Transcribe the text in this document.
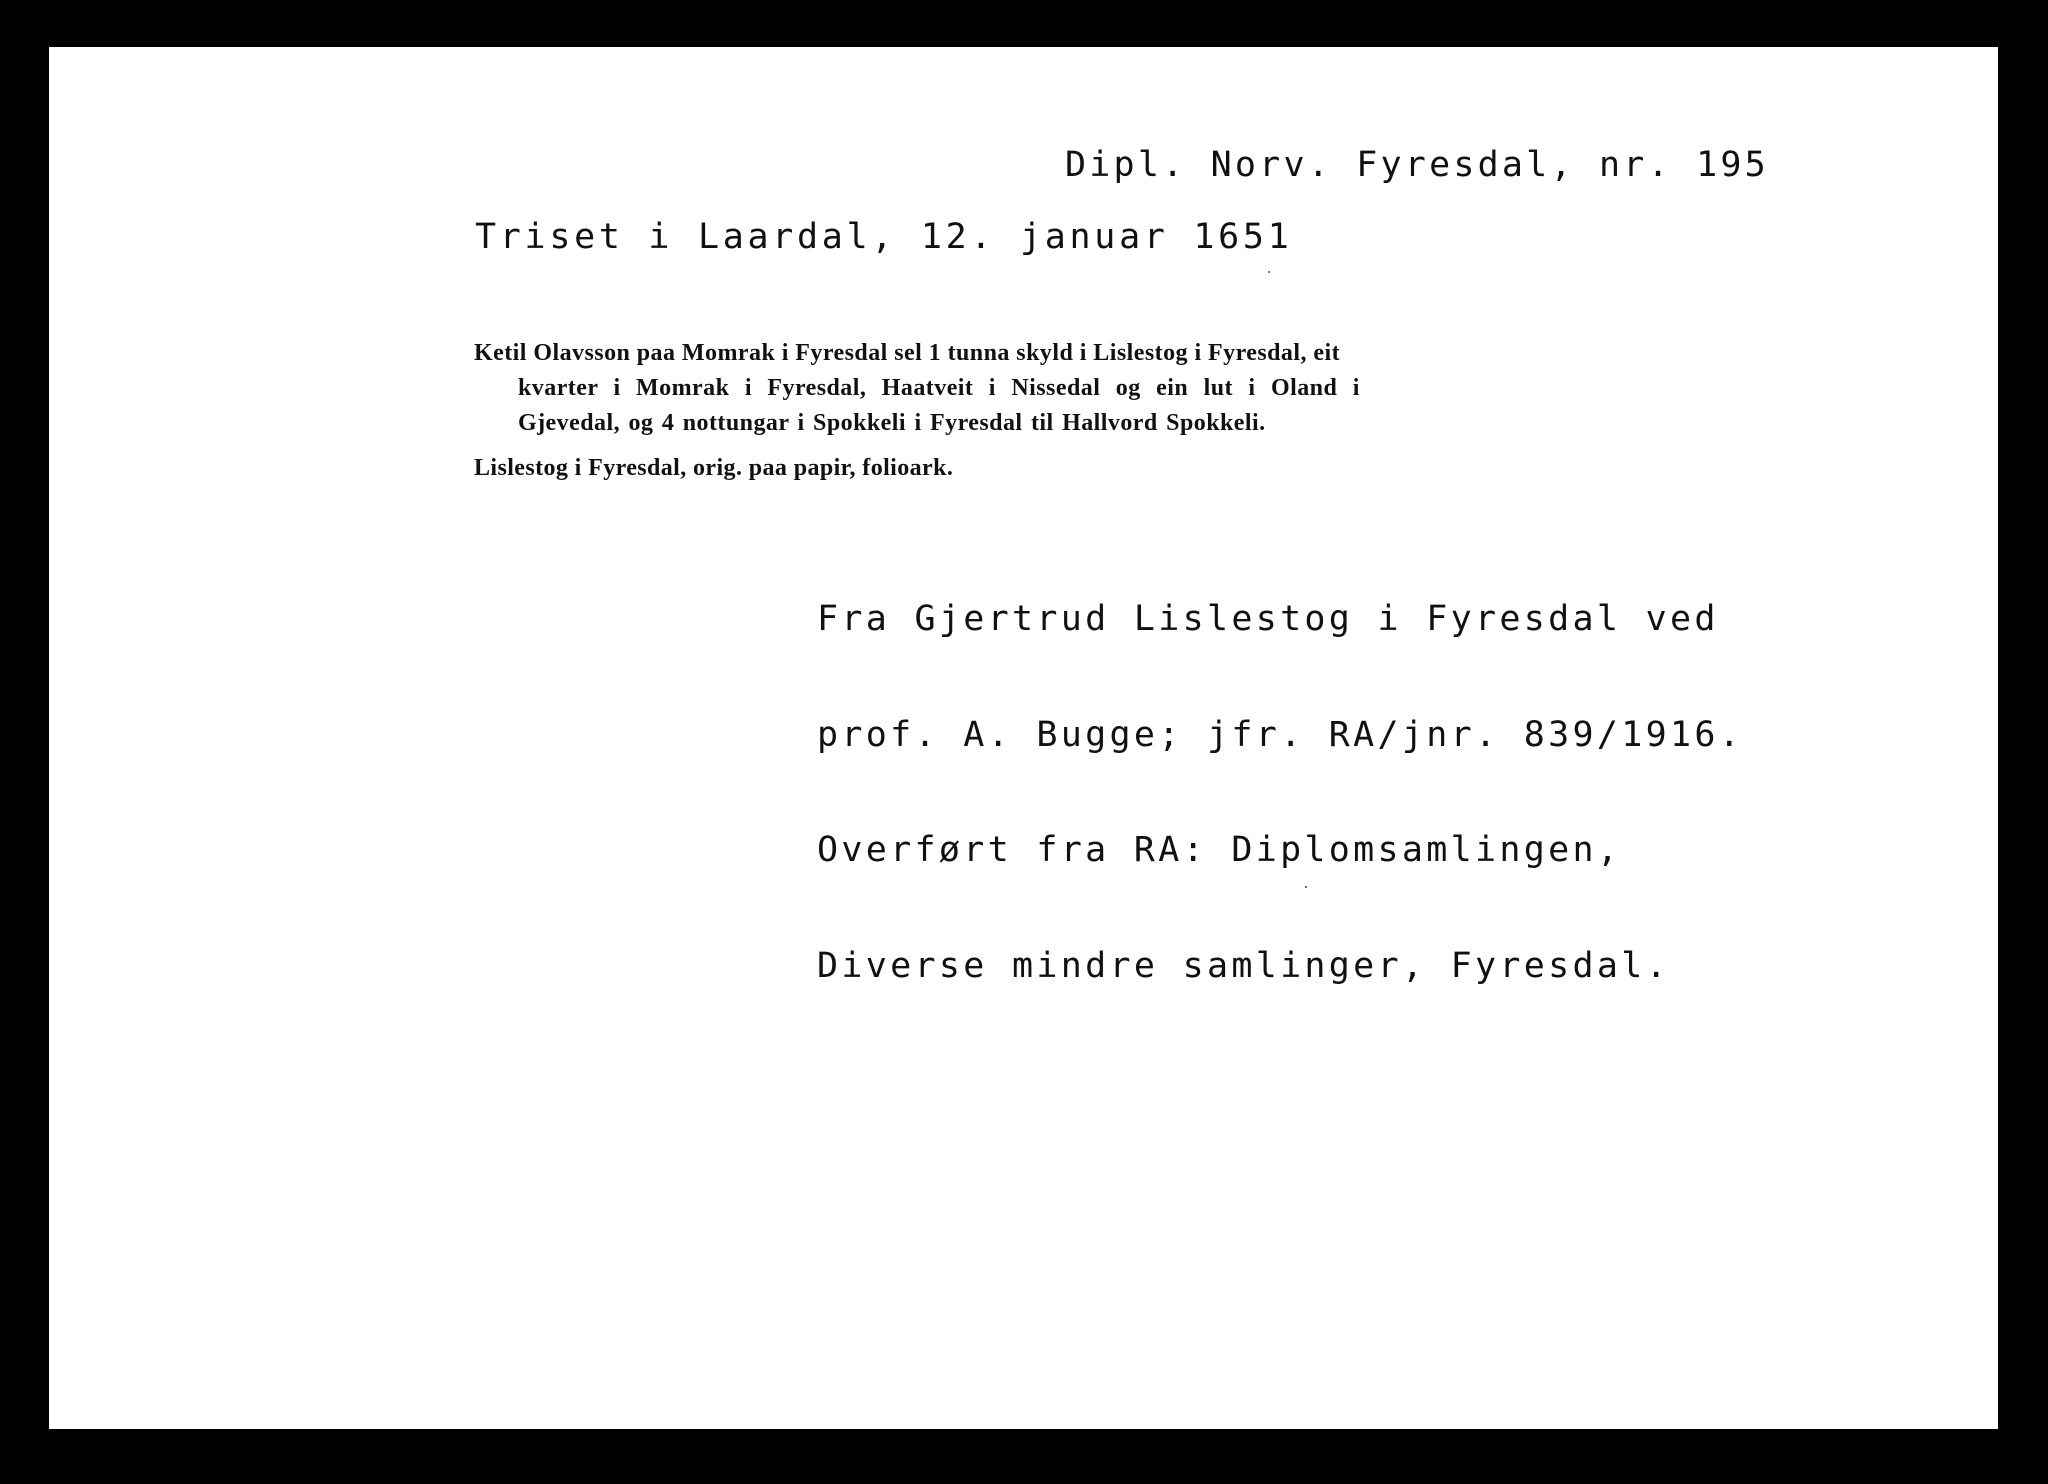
Dipl. Norv. Fyresdal, nr. 195

Triset i Laardal, 12. januar 1651

Ketil Olavsson paa Momrak i Fyresdal sel 1 tunna skyld i Lislestog i Fyresdal, eit

kvarter i Momrak i Fyresdal, Haatveit i Nissedal og ein lut i Oland i

Gjevedal, og 4 nottungar i Spokkeli i Fyresdal til Hallvord Spokkeli.

Lislestog i Fyresdal, orig. paa papir, folioark.

Fra Gjertrud Lislestog i Fyresdal ved

prof. A. Bugge; jfr. RA/jnr. 839/1916.

Overført fra RA: Diplomsamlingen,

Diverse mindre samlinger, Fyresdal.
